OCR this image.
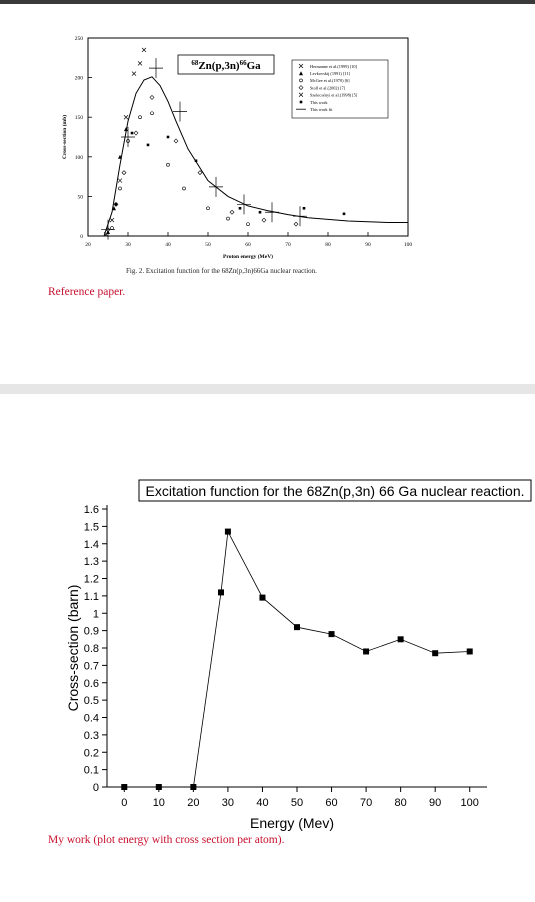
20	30	40	50	60	70	80	90	100
0
50
100
150
200
250
Proton energy (MeV)
Cross-section (mb)
68Zn(p,3n)66Ga	Hermanne et al.(1999) [10]
Levkovskij (1991) [11]
McGee et al.(1970) [6]
Stoll et al.(2002) [7]
Szelecsényi et al.(1998) [5]
This work
This work fit
Fig. 2. Excitation function for the 68Zn(p,3n)66Ga nuclear reaction.
Reference paper.
Excitation function for the 68Zn(p,3n) 66 Ga nuclear reaction.
0
0.1
0.2
0.3
0.4
0.5
0.6
0.7
0.8
0.9
1
1.1
1.2
1.3
1.4
1.5
1.6
0 10 20 30 40 50 60 70 80 90 100
Energy (Mev)
Cross-section (barn)
My work (plot energy with cross section per atom).
